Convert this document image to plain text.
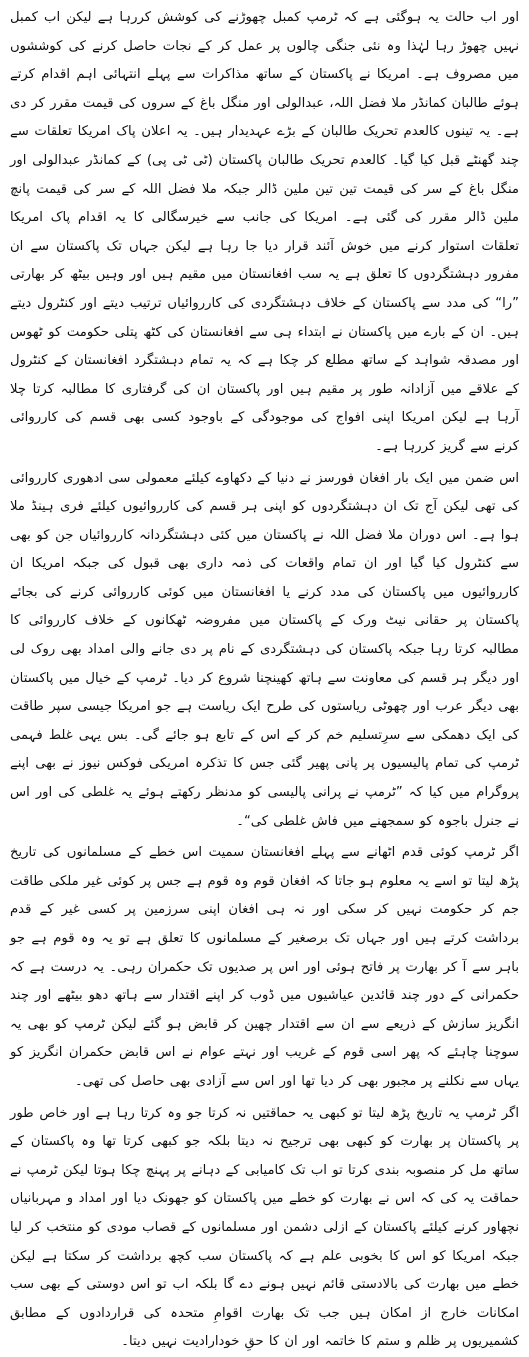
اور اب حالت یہ ہوگئی ہے کہ ٹرمپ کمبل چھوڑنے کی کوشش کررہا ہے لیکن اب کمبل نہیں چھوڑ رہا لہٰذا وہ نئی جنگی چالوں پر عمل کر کے نجات حاصل کرنے کی کوششوں میں مصروف ہے۔ امریکا نے پاکستان کے ساتھ مذاکرات سے پہلے انتہائی اہم اقدام کرتے ہوئے طالبان کمانڈر ملا فضل اللہ، عبدالولی اور منگل باغ کے سروں کی قیمت مقرر کر دی ہے۔ یہ تینوں کالعدم تحریک طالبان کے بڑے عہدیدار ہیں۔ یہ اعلان پاک امریکا تعلقات سے چند گھنٹے قبل کیا گیا۔ کالعدم تحریک طالبان پاکستان (ٹی ٹی پی) کے کمانڈر عبدالولی اور منگل باغ کے سر کی قیمت تین تین ملین ڈالر جبکہ ملا فضل اللہ کے سر کی قیمت پانچ ملین ڈالر مقرر کی گئی ہے۔ امریکا کی جانب سے خیرسگالی کا یہ اقدام پاک امریکا تعلقات استوار کرنے میں خوش آئند قرار دیا جا رہا ہے لیکن جہاں تک پاکستان سے ان مفرور دہشتگردوں کا تعلق ہے یہ سب افغانستان میں مقیم ہیں اور وہیں بیٹھ کر بھارتی ”را“ کی مدد سے پاکستان کے خلاف دہشتگردی کی کارروائیاں ترتیب دیتے اور کنٹرول دیتے ہیں۔ ان کے بارے میں پاکستان نے ابتداء ہی سے افغانستان کی کٹھ پتلی حکومت کو ٹھوس اور مصدقہ شواہد کے ساتھ مطلع کر چکا ہے کہ یہ تمام دہشتگرد افغانستان کے کنٹرول کے علاقے میں آزادانہ طور پر مقیم ہیں اور پاکستان ان کی گرفتاری کا مطالبہ کرتا چلا آرہا ہے لیکن امریکا اپنی افواج کی موجودگی کے باوجود کسی بھی قسم کی کارروائی کرنے سے گریز کررہا ہے۔

اس ضمن میں ایک بار افغان فورسز نے دنیا کے دکھاوے کیلئے معمولی سی ادھوری کارروائی کی تھی لیکن آج تک ان دہشتگردوں کو اپنی ہر قسم کی کارروائیوں کیلئے فری ہینڈ ملا ہوا ہے۔ اس دوران ملا فضل اللہ نے پاکستان میں کئی دہشتگردانہ کارروائیاں جن کو بھی سے کنٹرول کیا گیا اور ان تمام واقعات کی ذمہ داری بھی قبول کی جبکہ امریکا ان کارروائیوں میں پاکستان کی مدد کرنے یا افغانستان میں کوئی کارروائی کرنے کی بجائے پاکستان پر حقانی نیٹ ورک کے پاکستان میں مفروضہ ٹھکانوں کے خلاف کارروائی کا مطالبہ کرتا رہا جبکہ پاکستان کی دہشتگردی کے نام پر دی جانے والی امداد بھی روک لی اور دیگر ہر قسم کی معاونت سے ہاتھ کھینچنا شروع کر دیا۔ ٹرمپ کے خیال میں پاکستان بھی دیگر عرب اور چھوٹی ریاستوں کی طرح ایک ریاست ہے جو امریکا جیسی سپر طاقت کی ایک دھمکی سے سرِتسلیم خم کر کے اس کے تابع ہو جائے گی۔ بس یہی غلط فہمی ٹرمپ کی تمام پالیسیوں پر پانی پھیر گئی جس کا تذکرہ امریکی فوکس نیوز نے بھی اپنے پروگرام میں کیا کہ ”ٹرمپ نے پرانی پالیسی کو مدنظر رکھتے ہوئے یہ غلطی کی اور اس نے جنرل باجوہ کو سمجھنے میں فاش غلطی کی“۔

اگر ٹرمپ کوئی قدم اٹھانے سے پہلے افغانستان سمیت اس خطے کے مسلمانوں کی تاریخ پڑھ لیتا تو اسے یہ معلوم ہو جاتا کہ افغان قوم وہ قوم ہے جس پر کوئی غیر ملکی طاقت جم کر حکومت نہیں کر سکی اور نہ ہی افغان اپنی سرزمین پر کسی غیر کے قدم برداشت کرتے ہیں اور جہاں تک برصغیر کے مسلمانوں کا تعلق ہے تو یہ وہ قوم ہے جو باہر سے آ کر بھارت پر فاتح ہوئی اور اس پر صدیوں تک حکمران رہی۔ یہ درست ہے کہ حکمرانی کے دور چند قائدین عیاشیوں میں ڈوب کر اپنے اقتدار سے ہاتھ دھو بیٹھے اور چند انگریز سازش کے ذریعے سے ان سے اقتدار چھین کر قابض ہو گئے لیکن ٹرمپ کو بھی یہ سوچنا چاہئے کہ پھر اسی قوم کے غریب اور نہتے عوام نے اس قابض حکمران انگریز کو یہاں سے نکلنے پر مجبور بھی کر دیا تھا اور اس سے آزادی بھی حاصل کی تھی۔

اگر ٹرمپ یہ تاریخ پڑھ لیتا تو کبھی یہ حماقتیں نہ کرتا جو وہ کرتا رہا ہے اور خاص طور پر پاکستان پر بھارت کو کبھی بھی ترجیح نہ دیتا بلکہ جو کبھی کرتا تھا وہ پاکستان کے ساتھ مل کر منصوبہ بندی کرتا تو اب تک کامیابی کے دہانے پر پہنچ چکا ہوتا لیکن ٹرمپ نے حماقت یہ کی کہ اس نے بھارت کو خطے میں پاکستان کو جھونک دیا اور امداد و مہربانیاں نچھاور کرنے کیلئے پاکستان کے ازلی دشمن اور مسلمانوں کے قصاب مودی کو منتخب کر لیا جبکہ امریکا کو اس کا بخوبی علم ہے کہ پاکستان سب کچھ برداشت کر سکتا ہے لیکن خطے میں بھارت کی بالادستی قائم نہیں ہونے دے گا بلکہ اب تو اس دوستی کے بھی سب امکانات خارج از امکان ہیں جب تک بھارت اقوامِ متحدہ کی قراردادوں کے مطابق کشمیریوں پر ظلم و ستم کا خاتمہ اور ان کا حقِ خودارادیت نہیں دیتا۔
